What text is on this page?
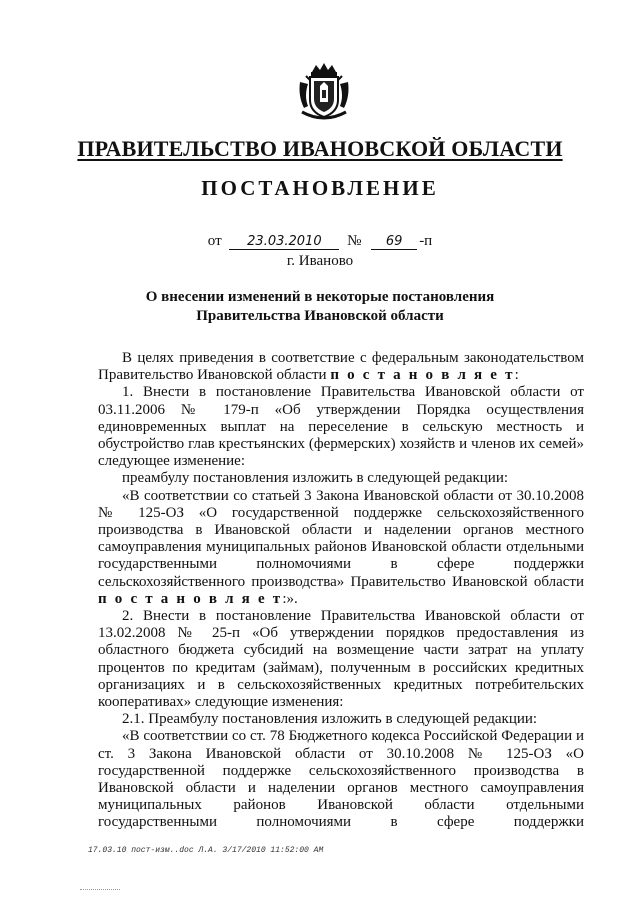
ПРАВИТЕЛЬСТВО ИВАНОВСКОЙ ОБЛАСТИ
ПОСТАНОВЛЕНИЕ
от 23.03.2010 № 69 -п
г. Иваново
О внесении изменений в некоторые постановления
Правительства Ивановской области

В целях приведения в соответствие с федеральным законодательством Правительство Ивановской области п о с т а н о в л я е т:

1. Внести в постановление Правительства Ивановской области от 03.11.2006 № 179-п «Об утверждении Порядка осуществления единовременных выплат на переселение в сельскую местность и обустройство глав крестьянских (фермерских) хозяйств и членов их семей» следующее изменение:

преамбулу постановления изложить в следующей редакции:

«В соответствии со статьей 3 Закона Ивановской области от 30.10.2008 № 125-ОЗ «О государственной поддержке сельскохозяйственного производства в Ивановской области и наделении органов местного самоуправления муниципальных районов Ивановской области отдельными государственными полномочиями в сфере поддержки сельскохозяйственного производства» Правительство Ивановской области п о с т а н о в л я е т:».

2. Внести в постановление Правительства Ивановской области от 13.02.2008 № 25-п «Об утверждении порядков предоставления из областного бюджета субсидий на возмещение части затрат на уплату процентов по кредитам (займам), полученным в российских кредитных организациях и в сельскохозяйственных кредитных потребительских кооперативах» следующие изменения:

2.1. Преамбулу постановления изложить в следующей редакции:

«В соответствии со ст. 78 Бюджетного кодекса Российской Федерации и ст. 3 Закона Ивановской области от 30.10.2008 № 125-ОЗ «О государственной поддержке сельскохозяйственного производства в Ивановской области и наделении органов местного самоуправления муниципальных районов Ивановской области отдельными государственными полномочиями в сфере поддержки

17.03.10 пост-изм..doc Л.А. 3/17/2010 11:52:00 AM
